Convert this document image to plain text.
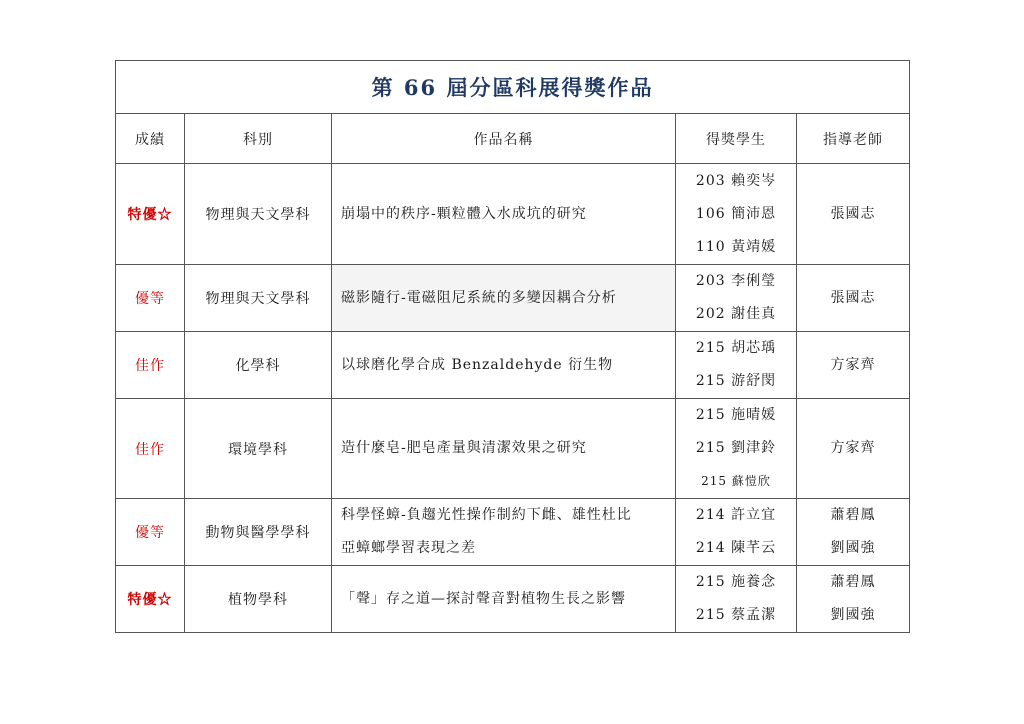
第 66 屆分區科展得獎作品				
成績	科別	作品名稱	得獎學生	指導老師
特優☆	物理與天文學科	崩塌中的秩序-顆粒體入水成坑的研究	203 賴奕岑
106 簡沛恩
110 黃靖媛	張國志

優等	物理與天文學科	磁影隨行-電磁阻尼系統的多變因耦合分析	203 李俐瑩
202 謝佳真	張國志

佳作	化學科	以球磨化學合成 Benzaldehyde 衍生物	215 胡芯瑀
215 游舒閔	方家齊

佳作	環境學科	造什麼皂-肥皂產量與清潔效果之研究	215 施晴媛
215 劉津鈴
215 蘇愷欣	方家齊

優等	動物與醫學學科	科學怪蟑-負趨光性操作制約下雌、雄性杜比
亞蟑螂學習表現之差	214 許立宜
214 陳芊云	蕭碧鳳
劉國強

特優☆	植物學科	「聲」存之道—探討聲音對植物生長之影響	215 施養念
215 蔡孟潔	蕭碧鳳
劉國強
